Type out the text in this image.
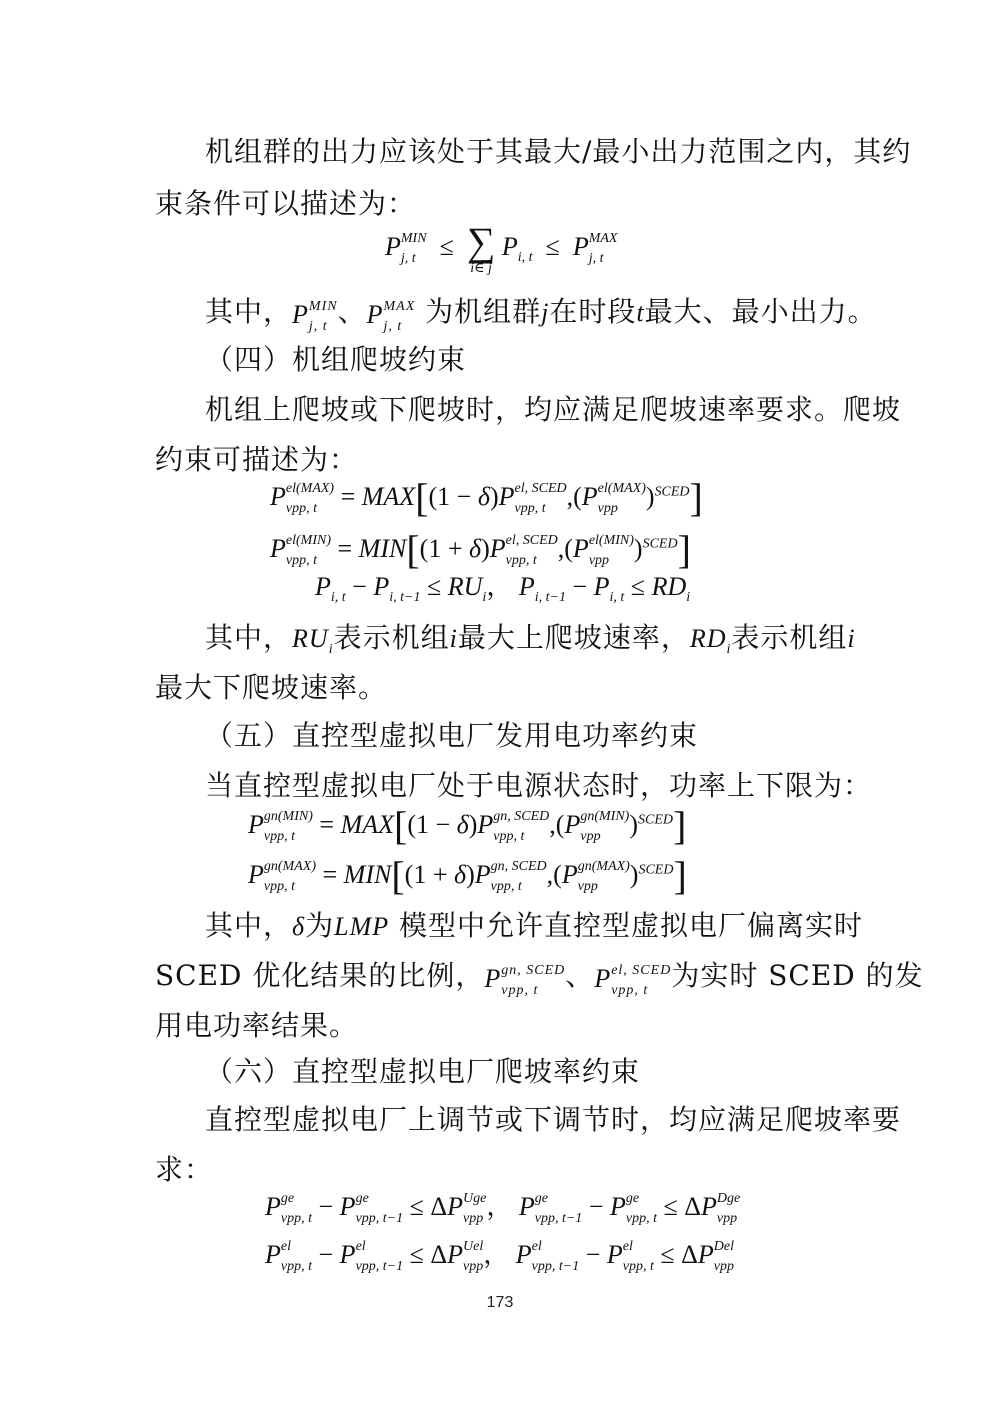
机组群的出力应该处于其最大/最小出力范围之内，其约
束条件可以描述为：
P MIN
j, t ≤ ∑
i∈ j
$P_{i, t} \le P$ MAX
j, t
其中，P MIN
j, t 、P MAX
j, t 为机组群j在时段t最大、最小出力。
（四）机组爬坡约束
机组上爬坡或下爬坡时，均应满足爬坡速率要求。爬坡
约束可描述为：
P el(MAX)
vpp, t = MAX[(1 − δ)P el, SCED
vpp, t ,(P el(MAX)
vpp	)$^{SCED}$]
P el(MIN)
vpp, t = MIN[(1 + δ)P el, SCED
vpp, t ,(P el(MIN)
vpp )$^{SCED}$]
$P_{i, t} - P_{i, t-1} \le RU_i$， $P_{i, t-1} - P_{i, t} \le RD_i$
其中，$RU_i$表示机组i最大上爬坡速率，$RD_i$表示机组i
最大下爬坡速率。
（五）直控型虚拟电厂发用电功率约束
当直控型虚拟电厂处于电源状态时，功率上下限为：
P gn(MIN)
vpp, t = MAX[(1 − δ)P gn, SCED
vpp, t ,(P gn(MIN)
vpp	)$^{SCED}$]
P gn(MAX)
vpp, t = MIN[(1 + δ)P gn, SCED
vpp, t ,(P gn(MAX)
vpp	)$^{SCED}$]
其中，δ为LMP 模型中允许直控型虚拟电厂偏离实时
SCED 优化结果的比例，P gn, SCED
vpp, t 、P el, SCED
vpp, t 为实时 SCED 的发
用电功率结果。
（六）直控型虚拟电厂爬坡率约束
直控型虚拟电厂上调节或下调节时，均应满足爬坡率要
求：
P ge
vpp, t − P ge
vpp, t−1 ≤ ΔP Uge
vpp ， P ge
vpp, t−1 − P ge
vpp, t ≤ ΔP Dge
vpp
P el
vpp, t − P el
vpp, t−1 ≤ ΔP Uel
vpp ， P el
vpp, t−1 − P el
vpp, t ≤ ΔP Del
vpp
173
